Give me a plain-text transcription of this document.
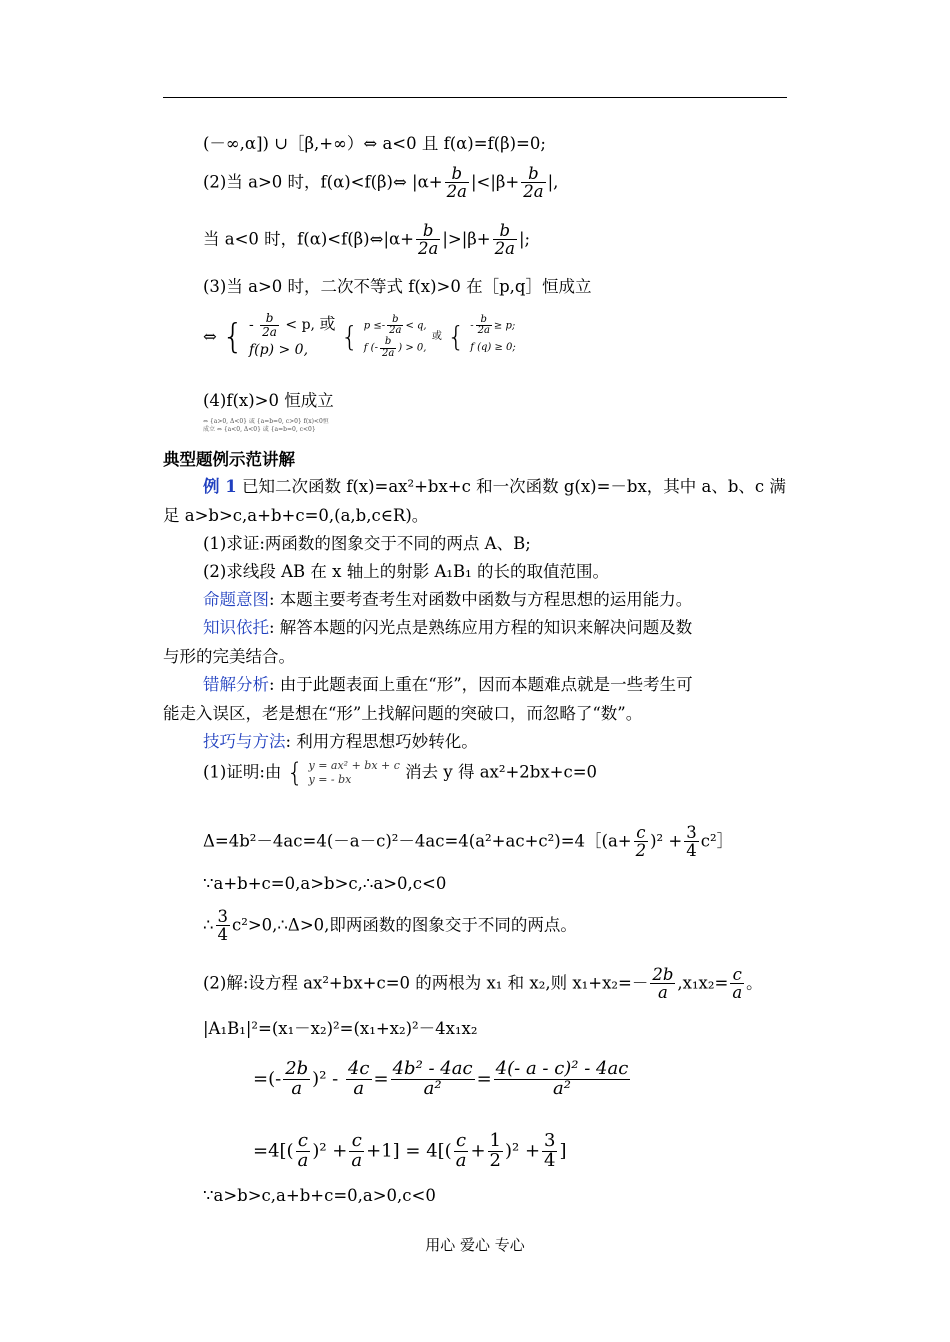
(－∞,α]) ∪［β,+∞）⇔ a<0 且 f(α)=f(β)=0;
(2)当 a>0 时，f(α)<f(β)⇔ $|\alpha+ \frac{b}{2a} |<|\beta+ \frac{b}{2a}$ |,
当 a<0 时，f(α)<f(β)⇔|α+ $\frac{b}{2a} |>|\beta+ \frac{b}{2a}$ |;
(3)当 a>0 时，二次不等式 f(x)>0 在［p,q］恒成立
⇔ { - $\frac{b}{2a} < p$, 或
f(p) > 0,	{ $p \le- \frac{b}{2a} < q$,
f (- $\frac{b}{2a}$ ) > 0,
或 { - $\frac{b}{2a} \ge p$;
f (q) ≥ 0;
(4)f(x)>0 恒成立
⇔ {a>0, Δ<0} 或 {a=b=0, c>0} f(x)<0恒成立 ⇔ {a<0, Δ<0} 或 {a=b=0, c<0}
典型题例示范讲解
例 1 已知二次函数 f(x)=ax²+bx+c 和一次函数 g(x)=－bx，其中 a、b、c 满
足 a>b>c,a+b+c=0,(a,b,c∈R)。
(1)求证:两函数的图象交于不同的两点 A、B;
(2)求线段 AB 在 x 轴上的射影 A₁B₁ 的长的取值范围。
命题意图: 本题主要考查考生对函数中函数与方程思想的运用能力。
知识依托: 解答本题的闪光点是熟练应用方程的知识来解决问题及数
与形的完美结合。
错解分析: 由于此题表面上重在“形”，因而本题难点就是一些考生可
能走入误区，老是想在“形”上找解问题的突破口，而忽略了“数”。
技巧与方法: 利用方程思想巧妙转化。
(1)证明:由 { y = ax² + bx + c
y = - bx	消去 y 得 ax²+2bx+c=0
Δ=4b²－4ac=4(－a－c)²－4ac=4(a²+ac+c²)=4［(a+ $\frac{c}{2} )^2 + \frac{3}{4}$ c²］
∵a+b+c=0,a>b>c,∴a>0,c<0
∴ $\frac{3}{4}$ c²>0,∴Δ>0,即两函数的图象交于不同的两点。
(2)解:设方程 ax²+bx+c=0 的两根为 x₁ 和 x₂,则 $x_1+x_2=- \frac{2b}{a} ,x_1x_2= \frac{c}{a}$ 。
|A₁B₁|²=(x₁－x₂)²=(x₁+x₂)²－4x₁x₂
=(- $\frac{2b}{a} )^2 - \frac{4c}{a} = \frac{\text{4b² - 4ac}}{\text{a²}} = \frac{\text{4(- a - c)² - 4ac}}{\text{a²}}$
$=4[( \frac{c}{a} )^2 + \frac{c}{a} +1] = 4[( \frac{c}{a} + \frac{1}{2} )^2 + \frac{3}{4}$ ]
∵a>b>c,a+b+c=0,a>0,c<0
用心 爱心 专心
